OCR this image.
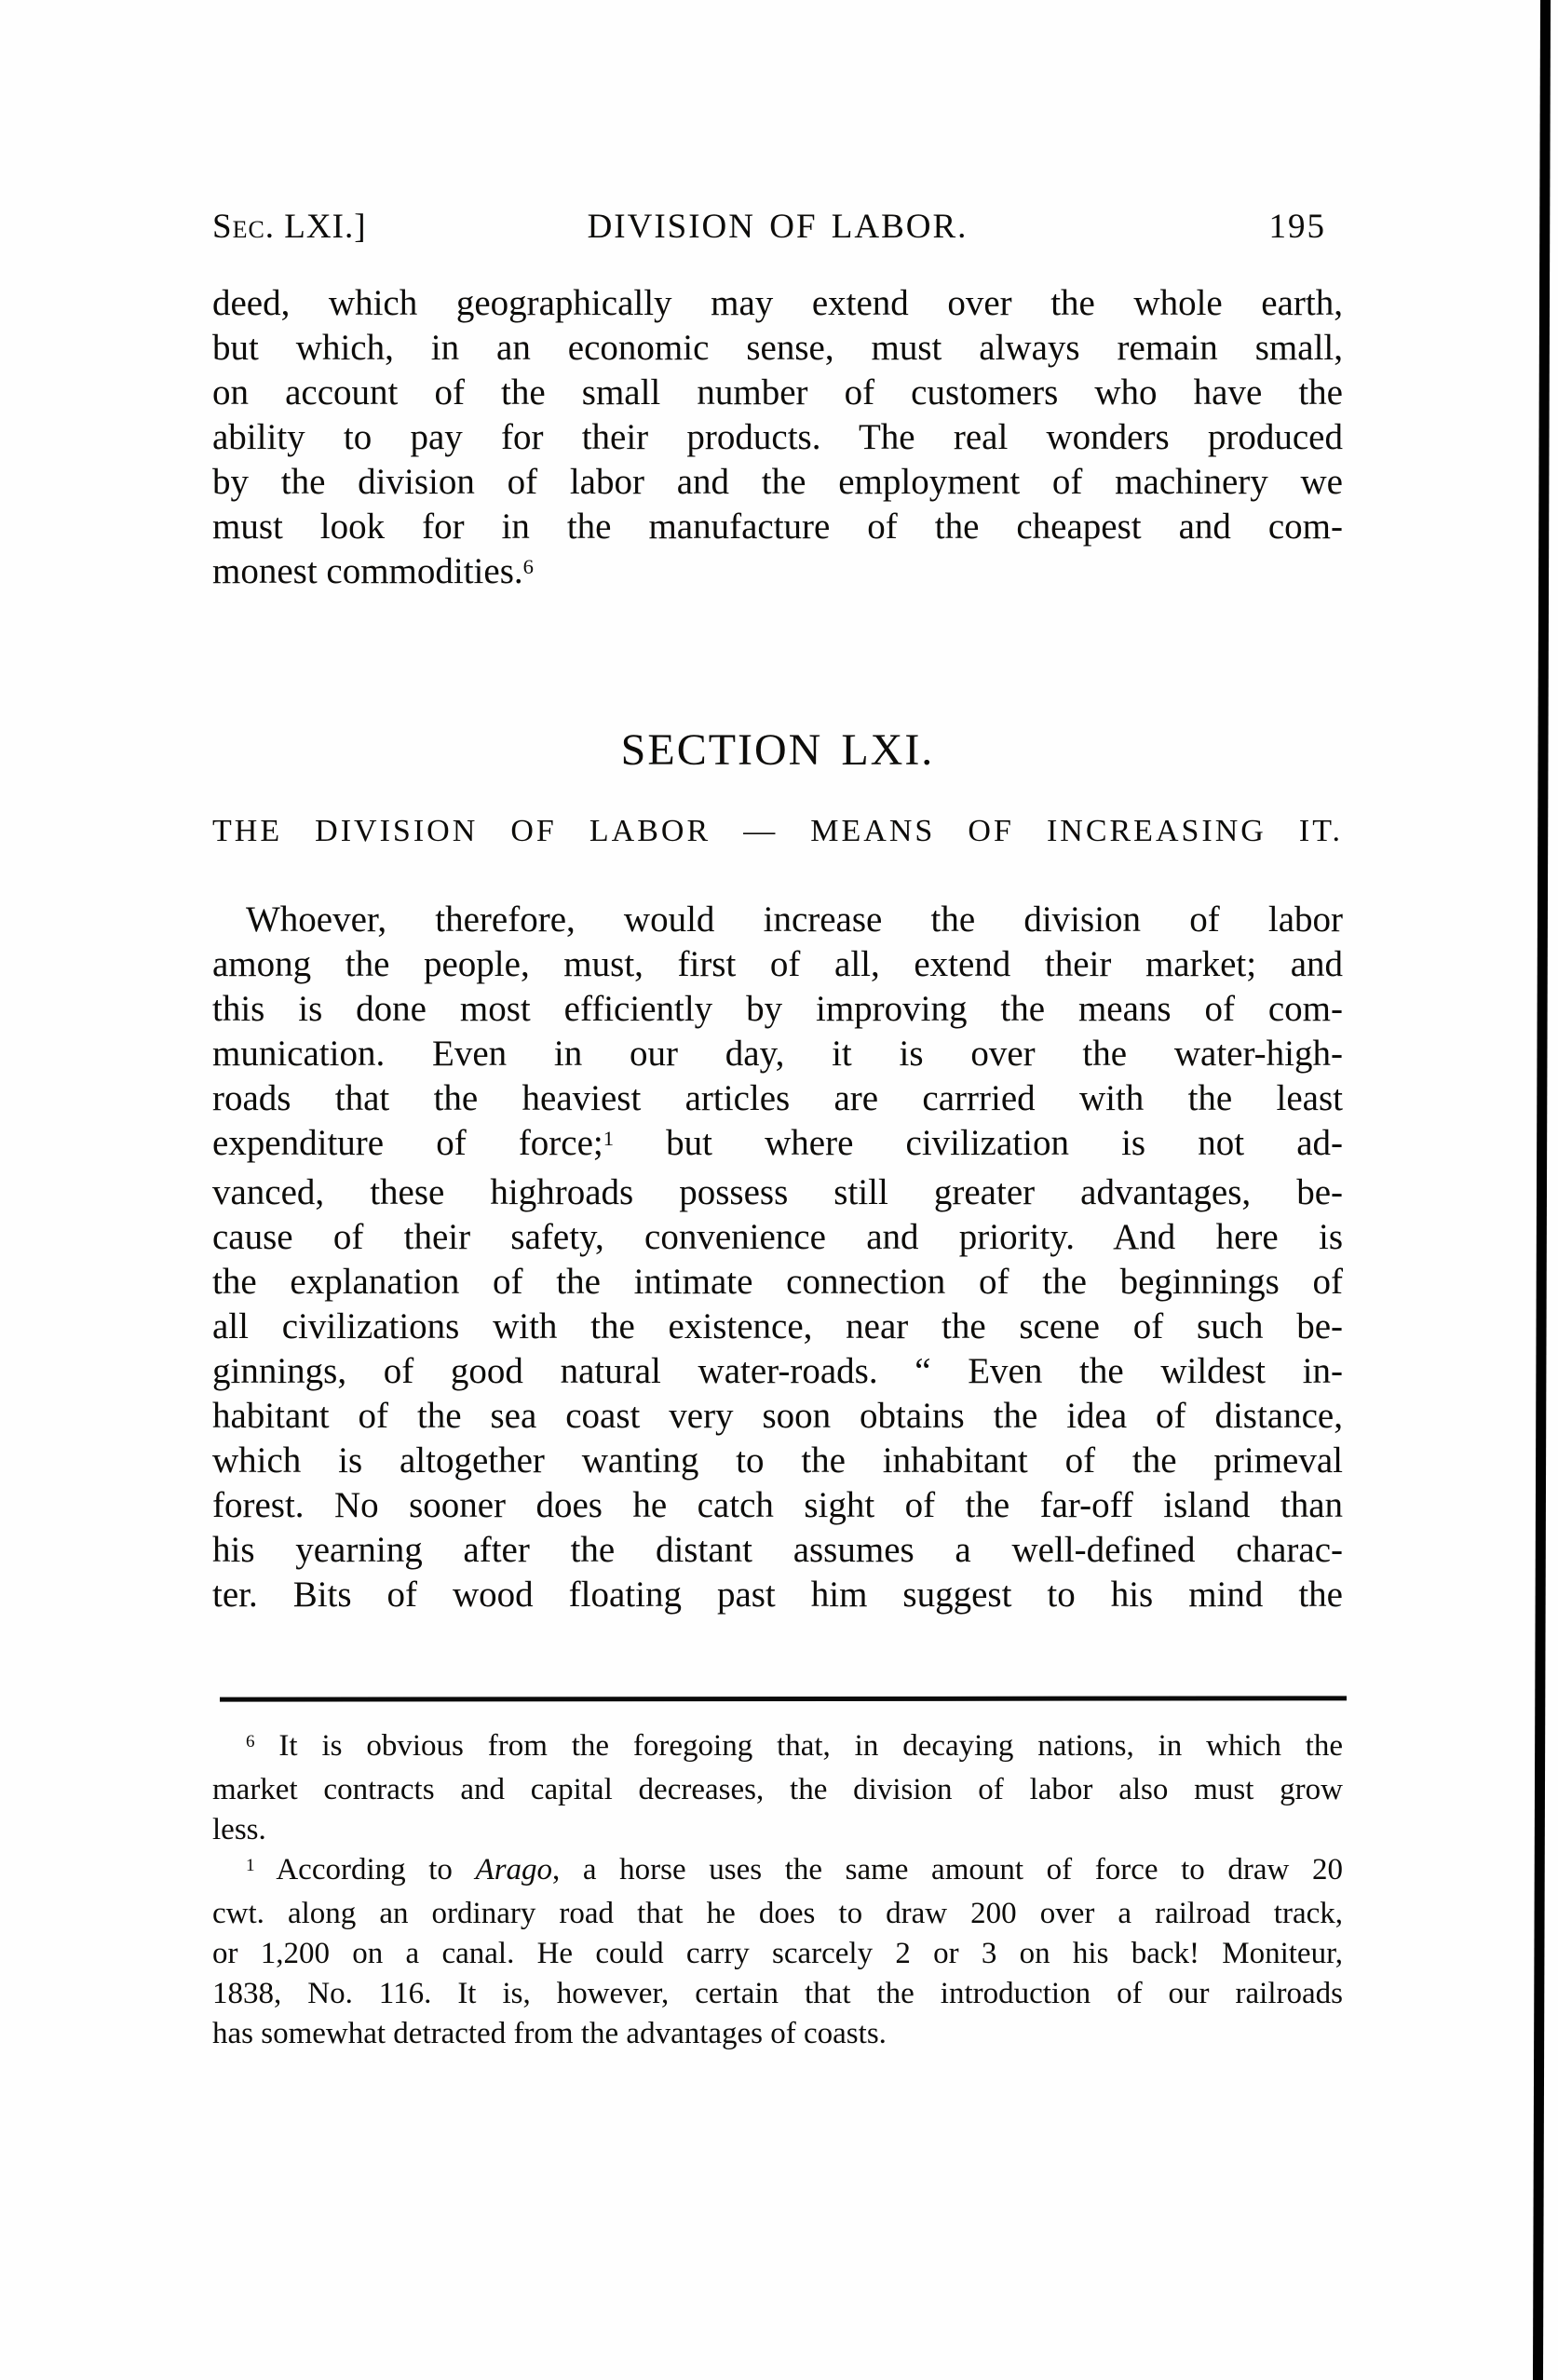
Sec. LXI.]	DIVISION OF LABOR.	195
deed, which geographically may extend over the whole earth,
but which, in an economic sense, must always remain small,
on account of the small number of customers who have the
ability to pay for their products. The real wonders produced
by the division of labor and the employment of machinery we
must look for in the manufacture of the cheapest and com-
monest commodities.$^6$
SECTION LXI.
THE DIVISION OF LABOR — MEANS OF INCREASING IT.
Whoever, therefore, would increase the division of labor
among the people, must, first of all, extend their market; and
this is done most efficiently by improving the means of com-
munication. Even in our day, it is over the water-high-
roads that the heaviest articles are carrried with the least
expenditure of force;$^1$ but where civilization is not ad-
vanced, these highroads possess still greater advantages, be-
cause of their safety, convenience and priority. And here is
the explanation of the intimate connection of the beginnings of
all civilizations with the existence, near the scene of such be-
ginnings, of good natural water-roads. “ Even the wildest in-
habitant of the sea coast very soon obtains the idea of distance,
which is altogether wanting to the inhabitant of the primeval
forest. No sooner does he catch sight of the far-off island than
his yearning after the distant assumes a well-defined charac-
ter. Bits of wood floating past him suggest to his mind the
$^6$ It is obvious from the foregoing that, in decaying nations, in which the
market contracts and capital decreases, the division of labor also must grow
less.
$^1$ According to Arago, a horse uses the same amount of force to draw 20
cwt. along an ordinary road that he does to draw 200 over a railroad track,
or 1,200 on a canal. He could carry scarcely 2 or 3 on his back! Moniteur,
1838, No. 116. It is, however, certain that the introduction of our railroads
has somewhat detracted from the advantages of coasts.
